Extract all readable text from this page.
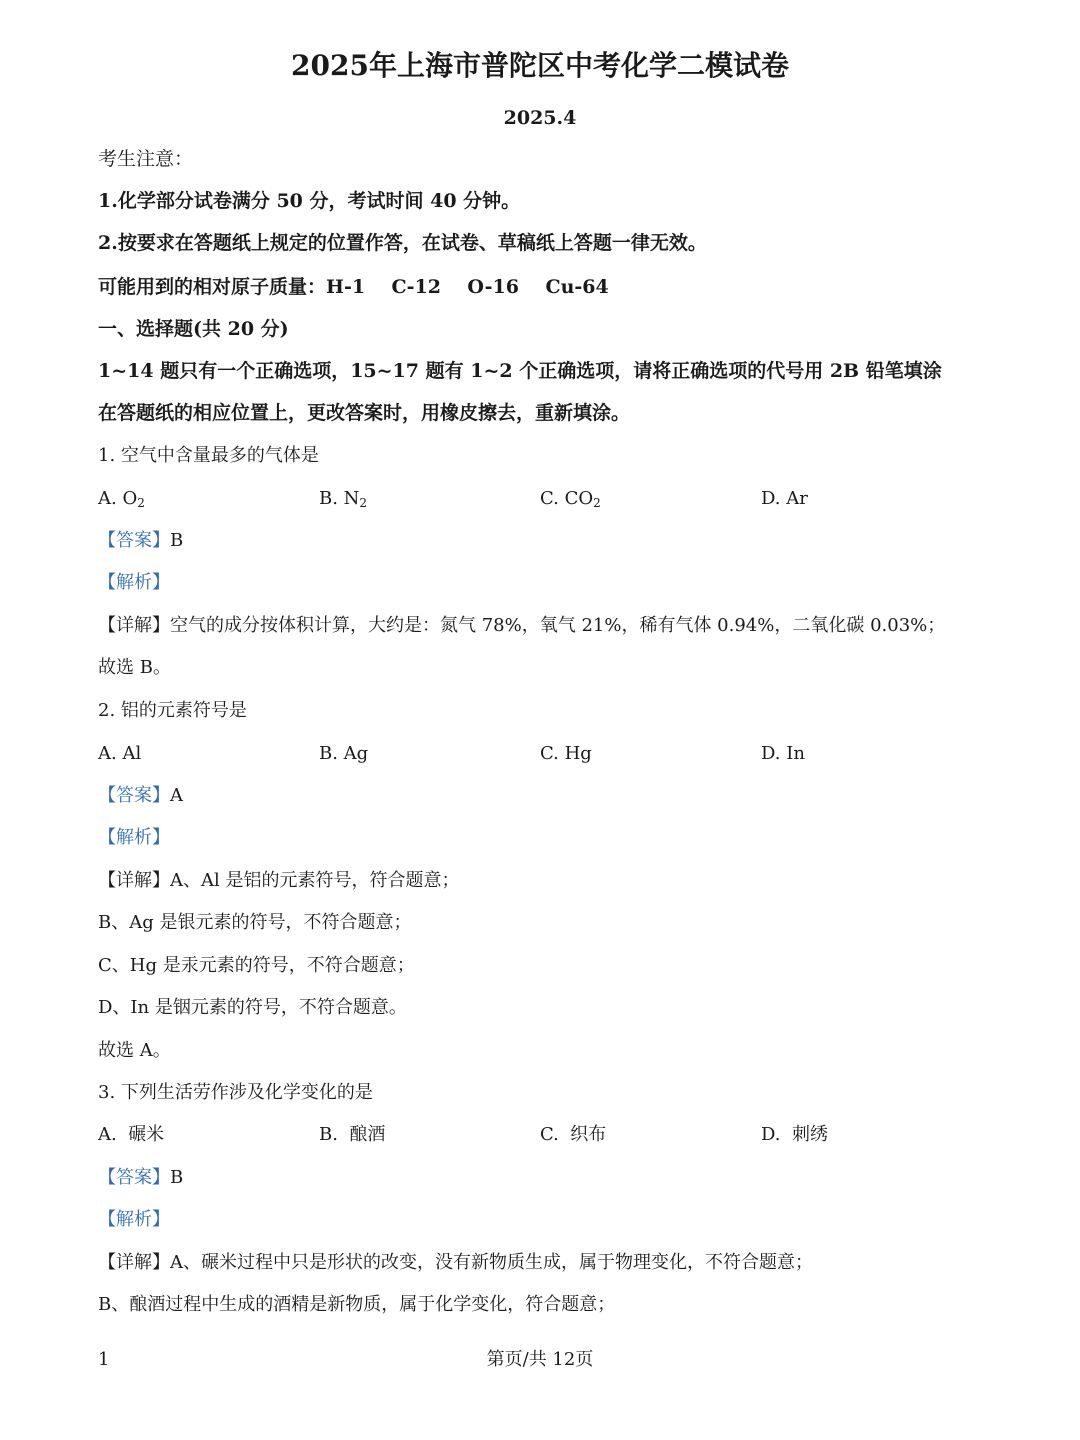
2025年上海市普陀区中考化学二模试卷
2025.4
考生注意：
1.化学部分试卷满分 50 分，考试时间 40 分钟。
2.按要求在答题纸上规定的位置作答，在试卷、草稿纸上答题一律无效。
可能用到的相对原子质量：H-1    C-12    O-16    Cu-64
一、选择题(共 20 分)
1~14 题只有一个正确选项，15~17 题有 1~2 个正确选项，请将正确选项的代号用 2B 铅笔填涂
在答题纸的相应位置上，更改答案时，用橡皮擦去，重新填涂。
1. 空气中含量最多的气体是
A. $O_2$	B. $N_2$	C. $CO_2$	D. Ar
【答案】B
【解析】
【详解】空气的成分按体积计算，大约是：氮气 78%，氧气 21%，稀有气体 0.94%，二氧化碳 0.03%；
故选 B。
2. 铝的元素符号是
A. Al	B. Ag	C. Hg	D. In
【答案】A
【解析】
【详解】A、Al 是铝的元素符号，符合题意；
B、Ag 是银元素的符号，不符合题意；
C、Hg 是汞元素的符号，不符合题意；
D、In 是铟元素的符号，不符合题意。
故选 A。
3. 下列生活劳作涉及化学变化的是
A.  碾米	B.  酿酒	C.  织布	D.  刺绣
【答案】B
【解析】
【详解】A、碾米过程中只是形状的改变，没有新物质生成，属于物理变化，不符合题意；
B、酿酒过程中生成的酒精是新物质，属于化学变化，符合题意；
1	第页/共 12页
